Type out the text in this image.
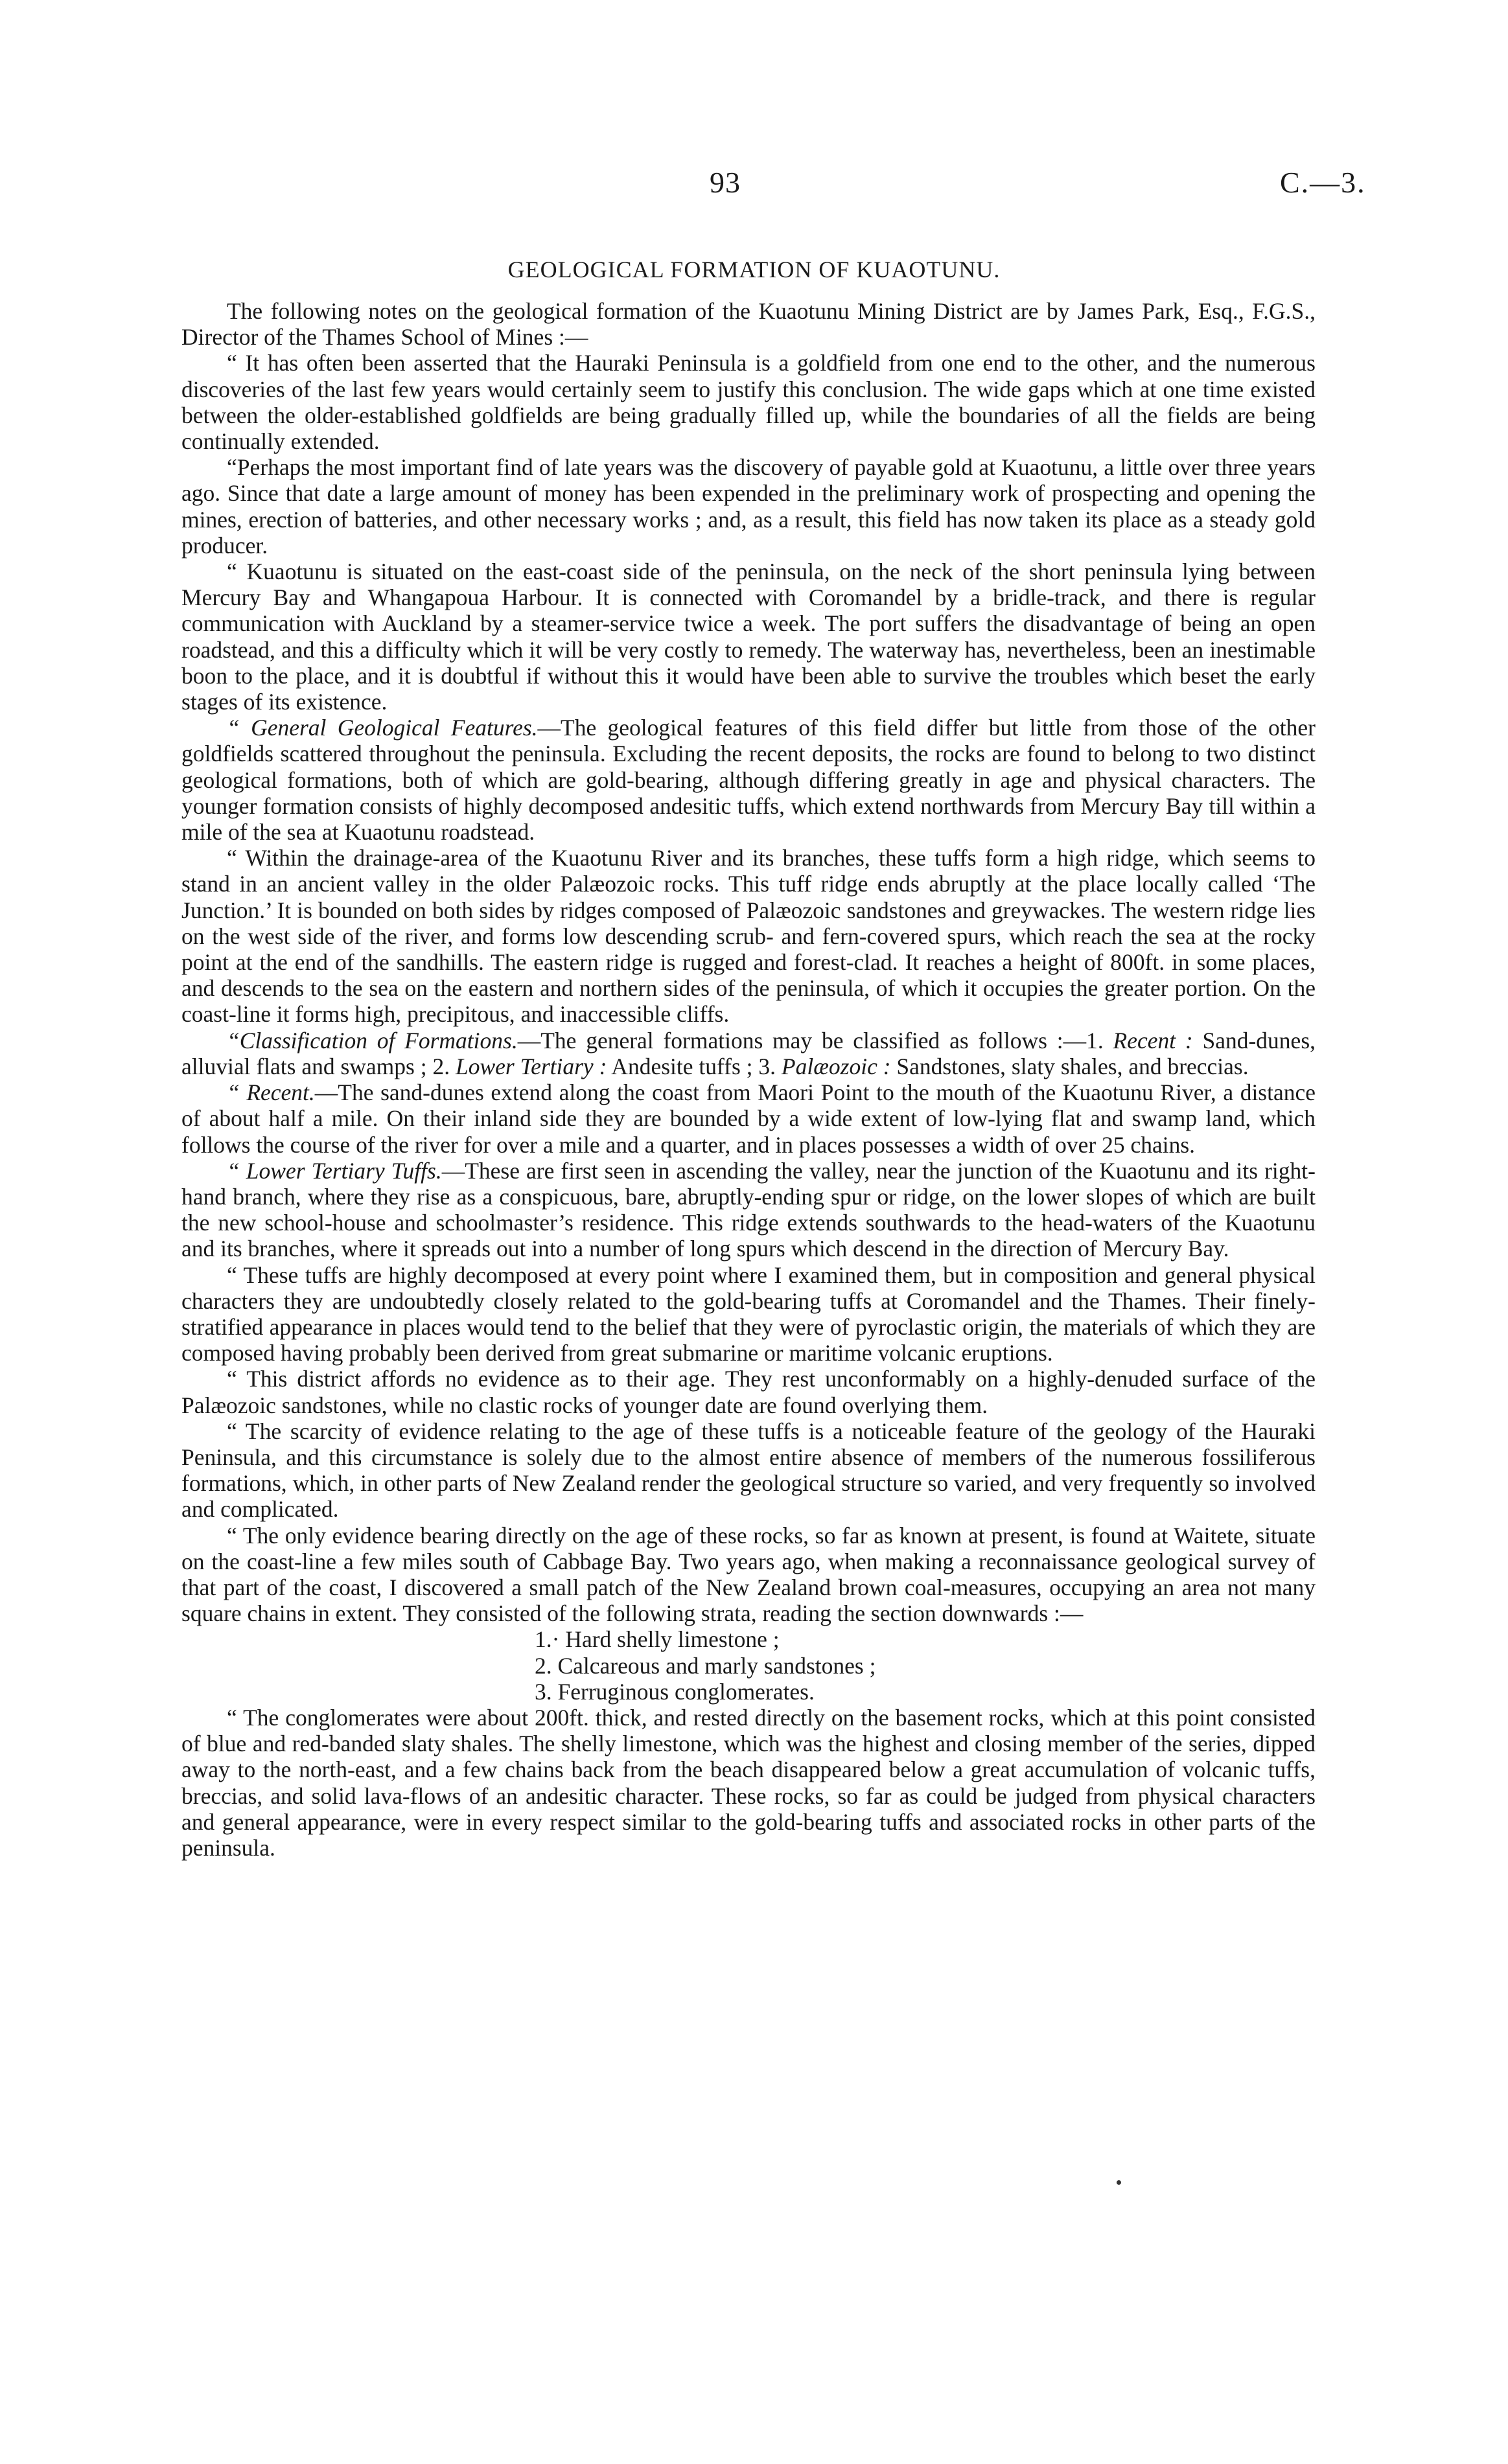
93	C.—3.
GEOLOGICAL FORMATION OF KUAOTUNU.

The following notes on the geological formation of the Kuaotunu Mining District are by James Park, Esq., F.G.S., Director of the Thames School of Mines :—

“ It has often been asserted that the Hauraki Peninsula is a goldfield from one end to the other, and the numerous discoveries of the last few years would certainly seem to justify this conclusion. The wide gaps which at one time existed between the older-established goldfields are being gradually filled up, while the boundaries of all the fields are being continually extended.

“Perhaps the most important find of late years was the discovery of payable gold at Kuaotunu, a little over three years ago. Since that date a large amount of money has been expended in the preliminary work of prospecting and opening the mines, erection of batteries, and other necessary works ; and, as a result, this field has now taken its place as a steady gold producer.

“ Kuaotunu is situated on the east-coast side of the peninsula, on the neck of the short peninsula lying between Mercury Bay and Whangapoua Harbour. It is connected with Coromandel by a bridle-track, and there is regular communication with Auckland by a steamer-service twice a week. The port suffers the disadvantage of being an open roadstead, and this a difficulty which it will be very costly to remedy. The waterway has, nevertheless, been an inestimable boon to the place, and it is doubtful if without this it would have been able to survive the troubles which beset the early stages of its existence.

“ General Geological Features.—The geological features of this field differ but little from those of the other goldfields scattered throughout the peninsula. Excluding the recent deposits, the rocks are found to belong to two distinct geological formations, both of which are gold-bearing, although differing greatly in age and physical characters. The younger formation consists of highly decomposed andesitic tuffs, which extend northwards from Mercury Bay till within a mile of the sea at Kuaotunu roadstead.

“ Within the drainage-area of the Kuaotunu River and its branches, these tuffs form a high ridge, which seems to stand in an ancient valley in the older Palæozoic rocks. This tuff ridge ends abruptly at the place locally called ‘The Junction.’ It is bounded on both sides by ridges composed of Palæozoic sandstones and greywackes. The western ridge lies on the west side of the river, and forms low descending scrub- and fern-covered spurs, which reach the sea at the rocky point at the end of the sandhills. The eastern ridge is rugged and forest-clad. It reaches a height of 800ft. in some places, and descends to the sea on the eastern and northern sides of the peninsula, of which it occupies the greater portion. On the coast-line it forms high, precipitous, and inaccessible cliffs.

“Classification of Formations.—The general formations may be classified as follows :—1. Recent : Sand-dunes, alluvial flats and swamps ; 2. Lower Tertiary : Andesite tuffs ; 3. Palæozoic : Sandstones, slaty shales, and breccias.

“ Recent.—The sand-dunes extend along the coast from Maori Point to the mouth of the Kuaotunu River, a distance of about half a mile. On their inland side they are bounded by a wide extent of low-lying flat and swamp land, which follows the course of the river for over a mile and a quarter, and in places possesses a width of over 25 chains.

“ Lower Tertiary Tuffs.—These are first seen in ascending the valley, near the junction of the Kuaotunu and its right-hand branch, where they rise as a conspicuous, bare, abruptly-ending spur or ridge, on the lower slopes of which are built the new school-house and schoolmaster’s residence. This ridge extends southwards to the head-waters of the Kuaotunu and its branches, where it spreads out into a number of long spurs which descend in the direction of Mercury Bay.

“ These tuffs are highly decomposed at every point where I examined them, but in composition and general physical characters they are undoubtedly closely related to the gold-bearing tuffs at Coromandel and the Thames. Their finely-stratified appearance in places would tend to the belief that they were of pyroclastic origin, the materials of which they are composed having probably been derived from great submarine or maritime volcanic eruptions.

“ This district affords no evidence as to their age. They rest unconformably on a highly-denuded surface of the Palæozoic sandstones, while no clastic rocks of younger date are found overlying them.

“ The scarcity of evidence relating to the age of these tuffs is a noticeable feature of the geology of the Hauraki Peninsula, and this circumstance is solely due to the almost entire absence of members of the numerous fossiliferous formations, which, in other parts of New Zealand render the geological structure so varied, and very frequently so involved and complicated.

“ The only evidence bearing directly on the age of these rocks, so far as known at present, is found at Waitete, situate on the coast-line a few miles south of Cabbage Bay. Two years ago, when making a reconnaissance geological survey of that part of the coast, I discovered a small patch of the New Zealand brown coal-measures, occupying an area not many square chains in extent. They consisted of the following strata, reading the section downwards :—

1.· Hard shelly limestone ;
2. Calcareous and marly sandstones ;
3. Ferruginous conglomerates.

“ The conglomerates were about 200ft. thick, and rested directly on the basement rocks, which at this point consisted of blue and red-banded slaty shales. The shelly limestone, which was the highest and closing member of the series, dipped away to the north-east, and a few chains back from the beach disappeared below a great accumulation of volcanic tuffs, breccias, and solid lava-flows of an andesitic character. These rocks, so far as could be judged from physical characters and general appearance, were in every respect similar to the gold-bearing tuffs and associated rocks in other parts of the peninsula.
